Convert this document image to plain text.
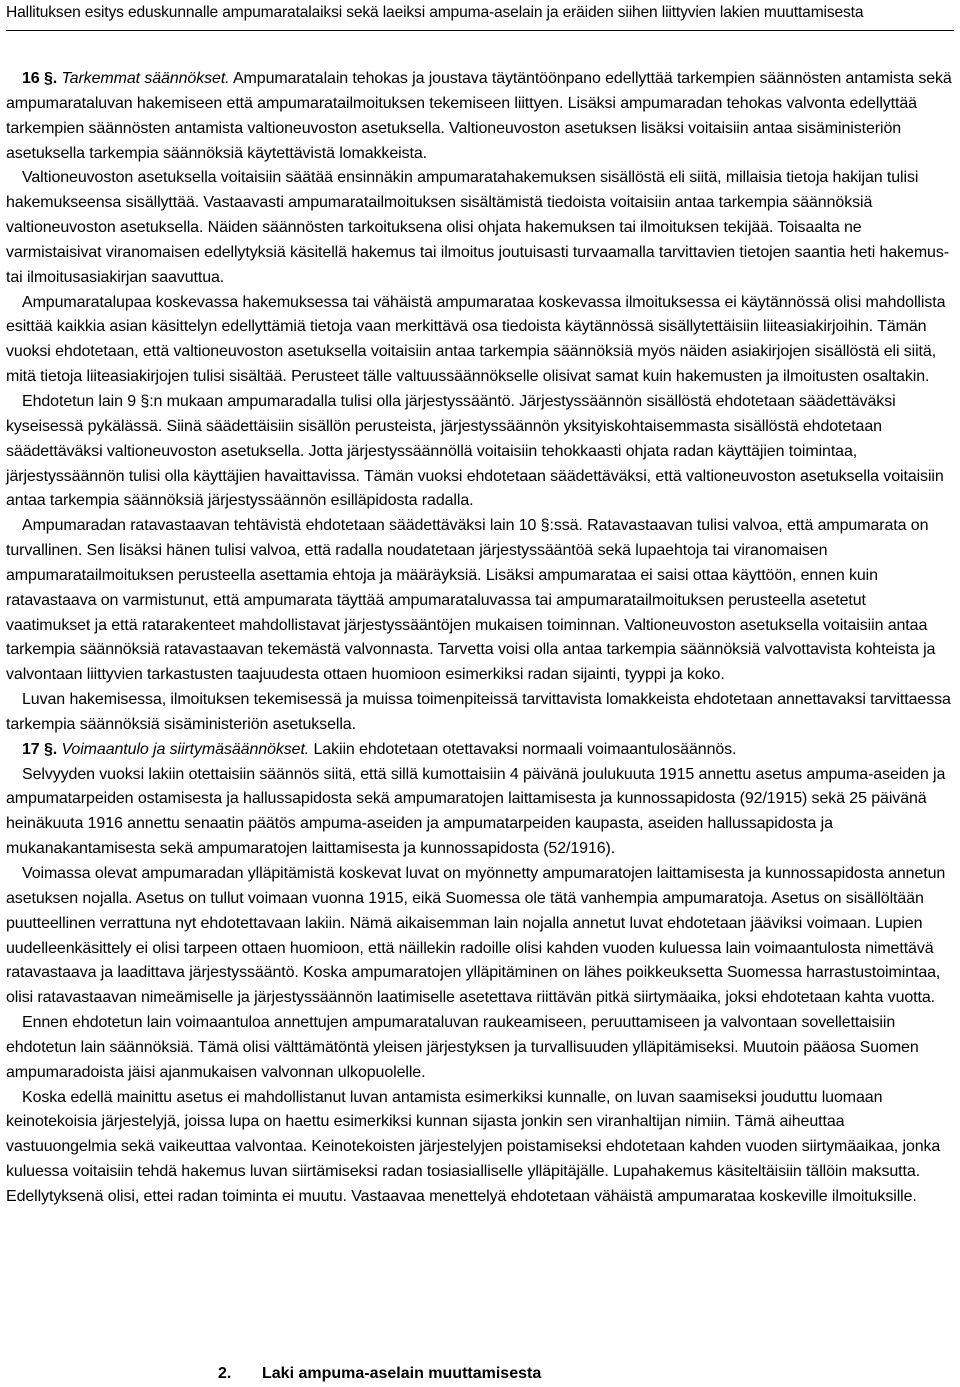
Hallituksen esitys eduskunnalle ampumaratalaiksi sekä laeiksi ampuma-aselain ja eräiden siihen liittyvien lakien muuttamisesta

16 §. Tarkemmat säännökset. Ampumaratalain tehokas ja joustava täytäntöönpano edellyttää tarkempien säännösten antamista sekä ampumarataluvan hakemiseen että ampumaratailmoituksen tekemiseen liittyen. Lisäksi ampumaradan tehokas valvonta edellyttää tarkempien säännösten antamista valtioneuvoston asetuksella. Valtioneuvoston asetuksen lisäksi voitaisiin antaa sisäministeriön asetuksella tarkempia säännöksiä käytettävistä lomakkeista.

Valtioneuvoston asetuksella voitaisiin säätää ensinnäkin ampumaratahakemuksen sisällöstä eli siitä, millaisia tietoja hakijan tulisi hakemukseensa sisällyttää. Vastaavasti ampumaratailmoituksen sisältämistä tiedoista voitaisiin antaa tarkempia säännöksiä valtioneuvoston asetuksella. Näiden säännösten tarkoituksena olisi ohjata hakemuksen tai ilmoituksen tekijää. Toisaalta ne varmistaisivat viranomaisen edellytyksiä käsitellä hakemus tai ilmoitus joutuisasti turvaamalla tarvittavien tietojen saantia heti hakemus- tai ilmoitusasiakirjan saavuttua.

Ampumaratalupaa koskevassa hakemuksessa tai vähäistä ampumarataa koskevassa ilmoituksessa ei käytännössä olisi mahdollista esittää kaikkia asian käsittelyn edellyttämiä tietoja vaan merkittävä osa tiedoista käytännössä sisällytettäisiin liiteasiakirjoihin. Tämän vuoksi ehdotetaan, että valtioneuvoston asetuksella voitaisiin antaa tarkempia säännöksiä myös näiden asiakirjojen sisällöstä eli siitä, mitä tietoja liiteasiakirjojen tulisi sisältää. Perusteet tälle valtuussäännökselle olisivat samat kuin hakemusten ja ilmoitusten osaltakin.

Ehdotetun lain 9 §:n mukaan ampumaradalla tulisi olla järjestyssääntö. Järjestyssäännön sisällöstä ehdotetaan säädettäväksi kyseisessä pykälässä. Siinä säädettäisiin sisällön perusteista, järjestyssäännön yksityiskohtaisemmasta sisällöstä ehdotetaan säädettäväksi valtioneuvoston asetuksella. Jotta järjestyssäännöllä voitaisiin tehokkaasti ohjata radan käyttäjien toimintaa, järjestyssäännön tulisi olla käyttäjien havaittavissa. Tämän vuoksi ehdotetaan säädettäväksi, että valtioneuvoston asetuksella voitaisiin antaa tarkempia säännöksiä järjestyssäännön esilläpidosta radalla.

Ampumaradan ratavastaavan tehtävistä ehdotetaan säädettäväksi lain 10 §:ssä. Ratavastaavan tulisi valvoa, että ampumarata on turvallinen. Sen lisäksi hänen tulisi valvoa, että radalla noudatetaan järjestyssääntöä sekä lupaehtoja tai viranomaisen ampumaratailmoituksen perusteella asettamia ehtoja ja määräyksiä. Lisäksi ampumarataa ei saisi ottaa käyttöön, ennen kuin ratavastaava on varmistunut, että ampumarata täyttää ampumarataluvassa tai ampumaratailmoituksen perusteella asetetut vaatimukset ja että ratarakenteet mahdollistavat järjestyssääntöjen mukaisen toiminnan. Valtioneuvoston asetuksella voitaisiin antaa tarkempia säännöksiä ratavastaavan tekemästä valvonnasta. Tarvetta voisi olla antaa tarkempia säännöksiä valvottavista kohteista ja valvontaan liittyvien tarkastusten taajuudesta ottaen huomioon esimerkiksi radan sijainti, tyyppi ja koko.

Luvan hakemisessa, ilmoituksen tekemisessä ja muissa toimenpiteissä tarvittavista lomakkeista ehdotetaan annettavaksi tarvittaessa tarkempia säännöksiä sisäministeriön asetuksella.

17 §. Voimaantulo ja siirtymäsäännökset. Lakiin ehdotetaan otettavaksi normaali voimaantulosäännös.

Selvyyden vuoksi lakiin otettaisiin säännös siitä, että sillä kumottaisiin 4 päivänä joulukuuta 1915 annettu asetus ampuma-aseiden ja ampumatarpeiden ostamisesta ja hallussapidosta sekä ampumaratojen laittamisesta ja kunnossapidosta (92/1915) sekä 25 päivänä heinäkuuta 1916 annettu senaatin päätös ampuma-aseiden ja ampumatarpeiden kaupasta, aseiden hallussapidosta ja mukanakantamisesta sekä ampumaratojen laittamisesta ja kunnossapidosta (52/1916).

Voimassa olevat ampumaradan ylläpitämistä koskevat luvat on myönnetty ampumaratojen laittamisesta ja kunnossapidosta annetun asetuksen nojalla. Asetus on tullut voimaan vuonna 1915, eikä Suomessa ole tätä vanhempia ampumaratoja. Asetus on sisällöltään puutteellinen verrattuna nyt ehdotettavaan lakiin. Nämä aikaisemman lain nojalla annetut luvat ehdotetaan jääviksi voimaan. Lupien uudelleenkäsittely ei olisi tarpeen ottaen huomioon, että näillekin radoille olisi kahden vuoden kuluessa lain voimaantulosta nimettävä ratavastaava ja laadittava järjestyssääntö. Koska ampumaratojen ylläpitäminen on lähes poikkeuksetta Suomessa harrastustoimintaa, olisi ratavastaavan nimeämiselle ja järjestyssäännön laatimiselle asetettava riittävän pitkä siirtymäaika, joksi ehdotetaan kahta vuotta.

Ennen ehdotetun lain voimaantuloa annettujen ampumarataluvan raukeamiseen, peruuttamiseen ja valvontaan sovellettaisiin ehdotetun lain säännöksiä. Tämä olisi välttämätöntä yleisen järjestyksen ja turvallisuuden ylläpitämiseksi. Muutoin pääosa Suomen ampumaradoista jäisi ajanmukaisen valvonnan ulkopuolelle.

Koska edellä mainittu asetus ei mahdollistanut luvan antamista esimerkiksi kunnalle, on luvan saamiseksi jouduttu luomaan keinotekoisia järjestelyjä, joissa lupa on haettu esimerkiksi kunnan sijasta jonkin sen viranhaltijan nimiin. Tämä aiheuttaa vastuuongelmia sekä vaikeuttaa valvontaa. Keinotekoisten järjestelyjen poistamiseksi ehdotetaan kahden vuoden siirtymäaikaa, jonka kuluessa voitaisiin tehdä hakemus luvan siirtämiseksi radan tosiasialliselle ylläpitäjälle. Lupahakemus käsiteltäisiin tällöin maksutta. Edellytyksenä olisi, ettei radan toiminta ei muutu. Vastaavaa menettelyä ehdotetaan vähäistä ampumarataa koskeville ilmoituksille.

2. Laki ampuma-aselain muuttamisesta
